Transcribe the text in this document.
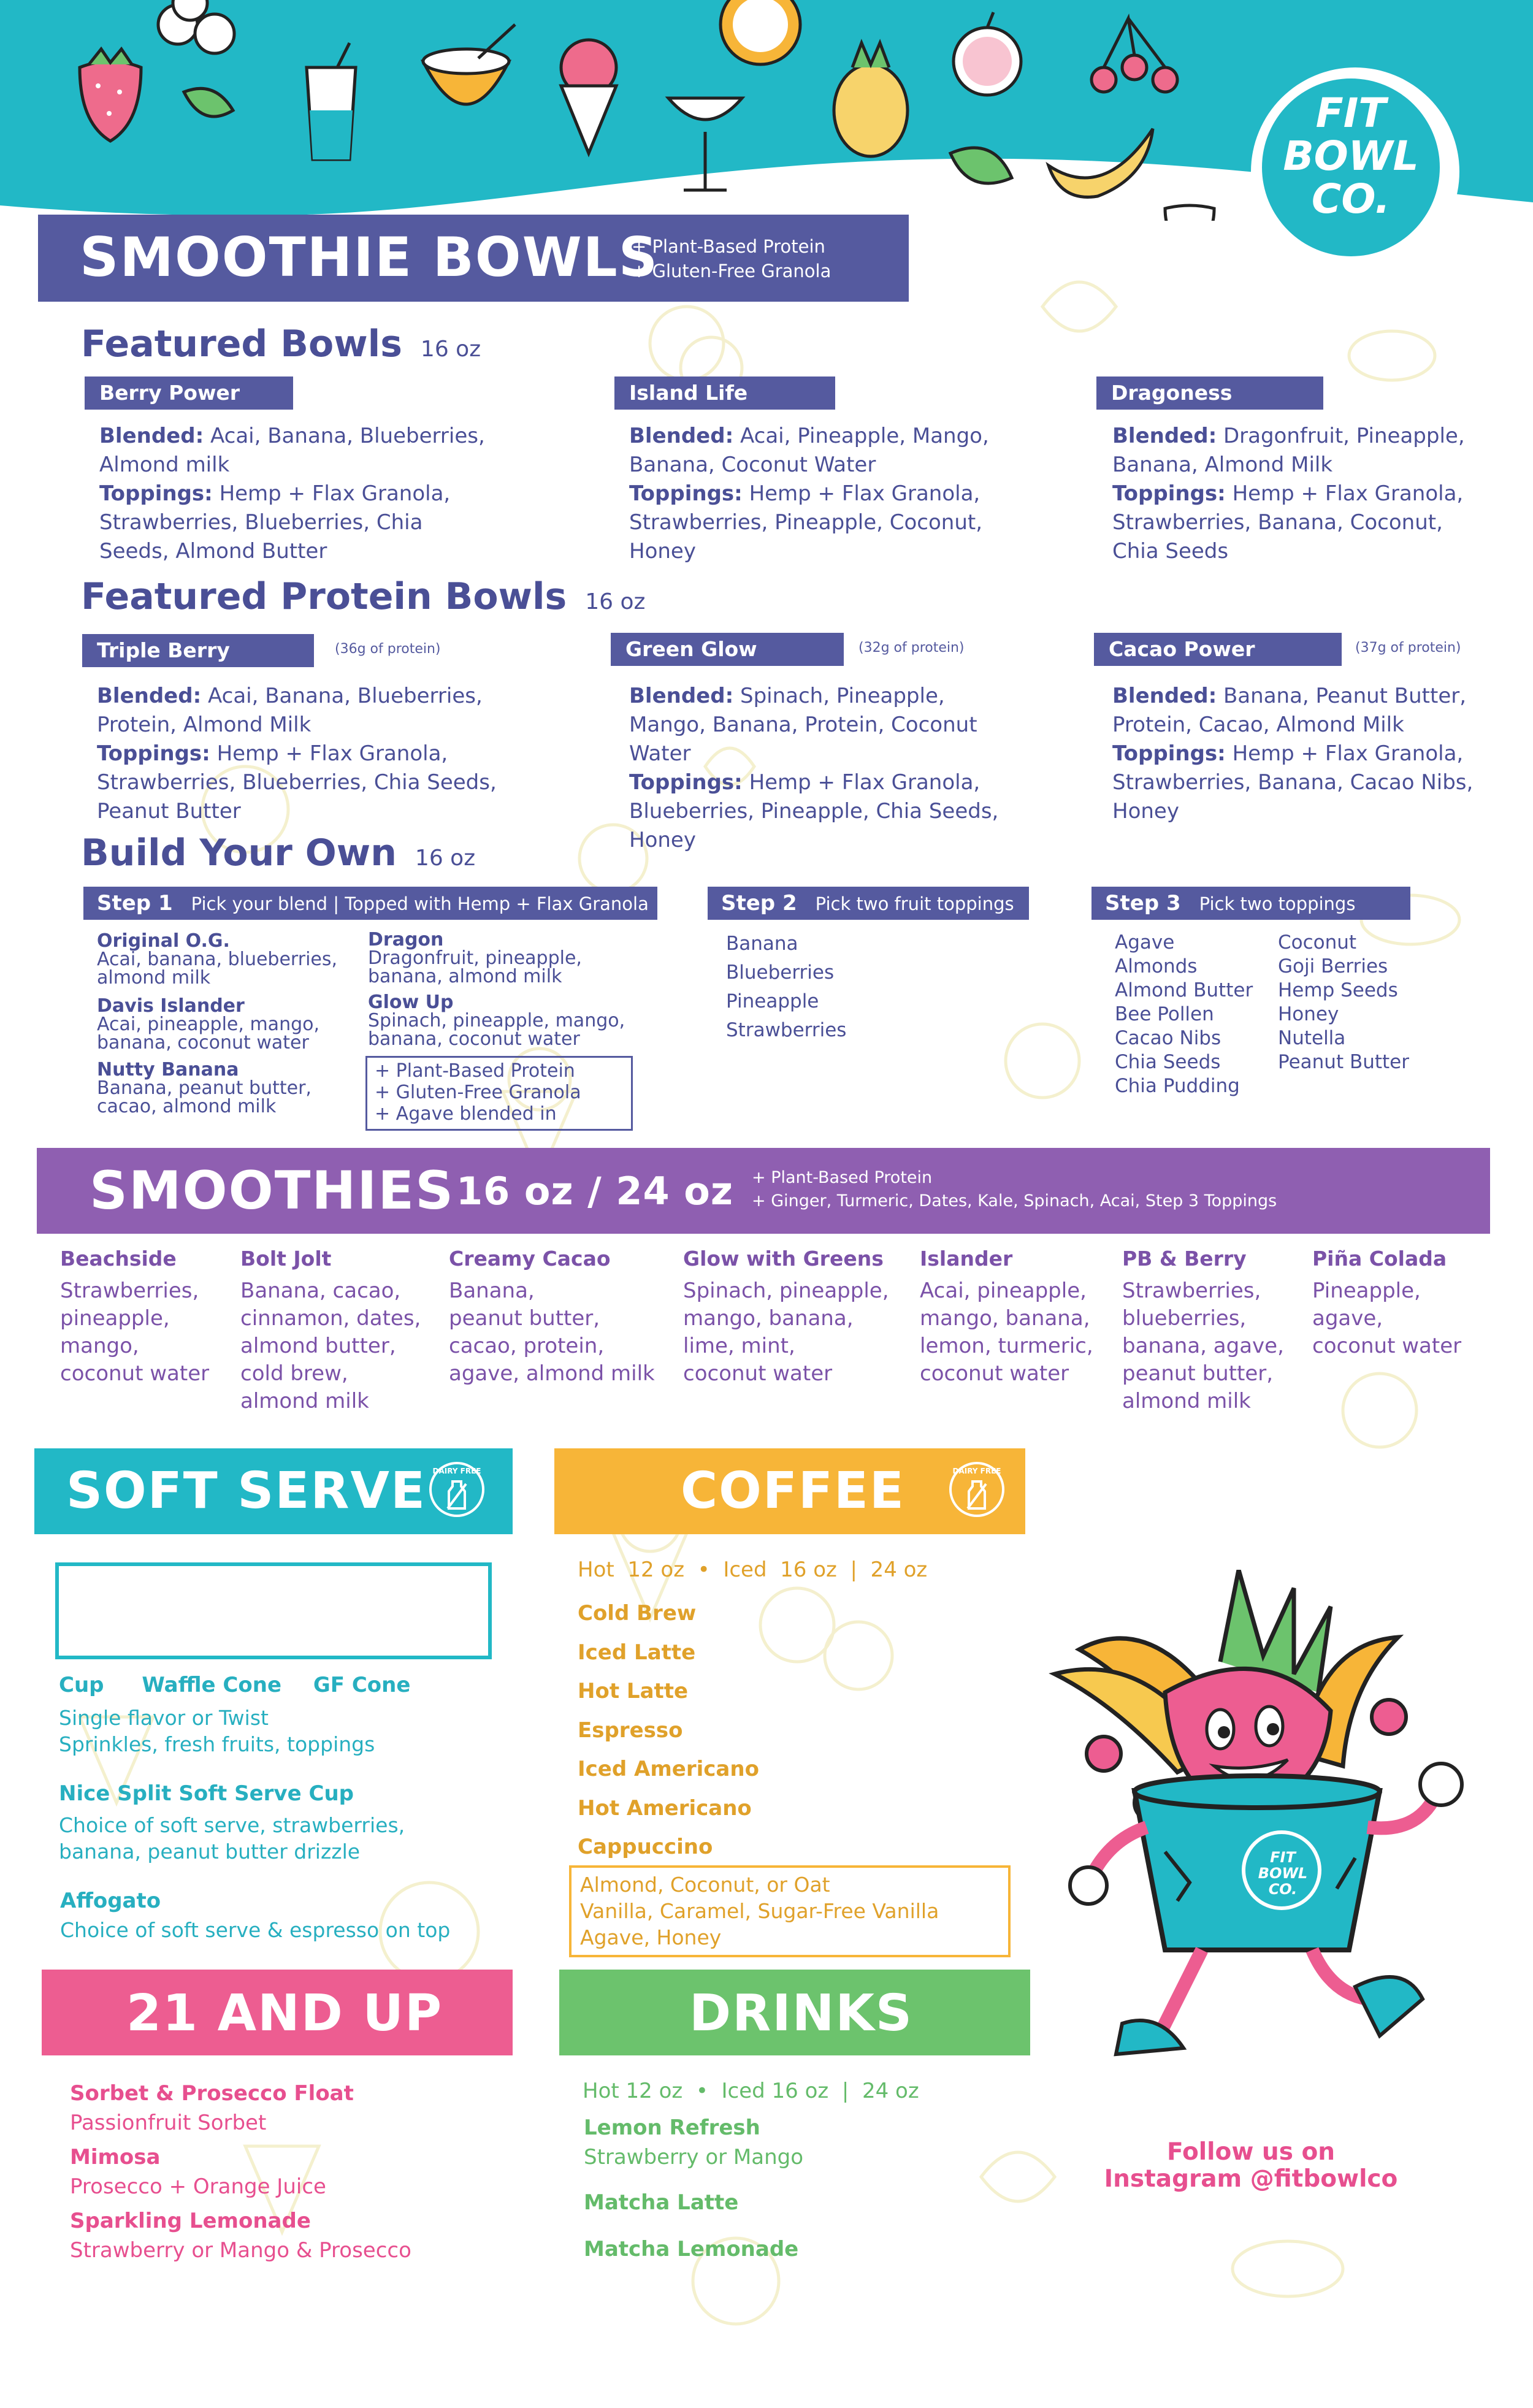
FIT
BOWL
CO.
SMOOTHIE BOWLS
+ Plant-Based Protein
+ Gluten-Free Granola
Featured Bowls 16 oz
Berry Power
Blended: Acai, Banana, Blueberries, Almond milk
Toppings: Hemp + Flax Granola, Strawberries, Blueberries, Chia Seeds, Almond Butter
Island Life
Blended: Acai, Pineapple, Mango, Banana, Coconut Water
Toppings: Hemp + Flax Granola, Strawberries, Pineapple, Coconut, Honey
Dragoness
Blended: Dragonfruit, Pineapple, Banana, Almond Milk
Toppings: Hemp + Flax Granola, Strawberries, Banana, Coconut, Chia Seeds
Featured Protein Bowls 16 oz
Triple Berry	(36g of protein)
Blended: Acai, Banana, Blueberries, Protein, Almond Milk
Toppings: Hemp + Flax Granola, Strawberries, Blueberries, Chia Seeds, Peanut Butter
Green Glow	(32g of protein)
Blended: Spinach, Pineapple, Mango, Banana, Protein, Coconut Water
Toppings: Hemp + Flax Granola, Blueberries, Pineapple, Chia Seeds, Honey
Cacao Power	(37g of protein)
Blended: Banana, Peanut Butter, Protein, Cacao, Almond Milk
Toppings: Hemp + Flax Granola, Strawberries, Banana, Cacao Nibs, Honey
Build Your Own 16 oz
Step 1 Pick your blend | Topped with Hemp + Flax Granola
Original O.G.
Acai, banana, blueberries, almond milk
Davis Islander
Acai, pineapple, mango, banana, coconut water
Nutty Banana
Banana, peanut butter, cacao, almond milk
Dragon
Dragonfruit, pineapple, banana, almond milk
Glow Up
Spinach, pineapple, mango, banana, coconut water
+ Plant-Based Protein
+ Gluten-Free Granola
+ Agave blended in
Step 2 Pick two fruit toppings
Banana
Blueberries
Pineapple
Strawberries
Step 3 Pick two toppings
Agave
Almonds
Almond Butter
Bee Pollen
Cacao Nibs
Chia Seeds
Chia Pudding
Coconut
Goji Berries
Hemp Seeds
Honey
Nutella
Peanut Butter
SMOOTHIES 16 oz / 24 oz + Plant-Based Protein
+ Ginger, Turmeric, Dates, Kale, Spinach, Acai, Step 3 Toppings
Beachside
Strawberries,
pineapple,
mango,
coconut water
Bolt Jolt
Banana, cacao,
cinnamon, dates,
almond butter,
cold brew,
almond milk
Creamy Cacao
Banana,
peanut butter,
cacao, protein,
agave, almond milk
Glow with Greens
Spinach, pineapple,
mango, banana,
lime, mint,
coconut water
Islander
Acai, pineapple,
mango, banana,
lemon, turmeric,
coconut water
PB & Berry
Strawberries,
blueberries,
banana, agave,
peanut butter,
almond milk
Piña Colada
Pineapple,
agave,
coconut water
SOFT SERVE DAIRY FREE
Cup Waffle Cone GF Cone
Single flavor or Twist
Sprinkles, fresh fruits, toppings
Nice Split Soft Serve Cup
Choice of soft serve, strawberries,
banana, peanut butter drizzle
Affogato
Choice of soft serve & espresso on top
COFFEE	DAIRY FREE
Hot  12 oz  •  Iced  16 oz  |  24 oz
Cold Brew
Iced Latte
Hot Latte
Espresso
Iced Americano
Hot Americano
Cappuccino
Almond, Coconut, or Oat
Vanilla, Caramel, Sugar-Free Vanilla
Agave, Honey
21 AND UP
Sorbet & Prosecco Float
Passionfruit Sorbet
Mimosa
Prosecco + Orange Juice
Sparkling Lemonade
Strawberry or Mango & Prosecco
DRINKS
Hot 12 oz  •  Iced 16 oz  |  24 oz
Lemon Refresh
Strawberry or Mango
Matcha Latte
Matcha Lemonade
FIT
BOWL
CO.
Follow us on
Instagram @fitbowlco
